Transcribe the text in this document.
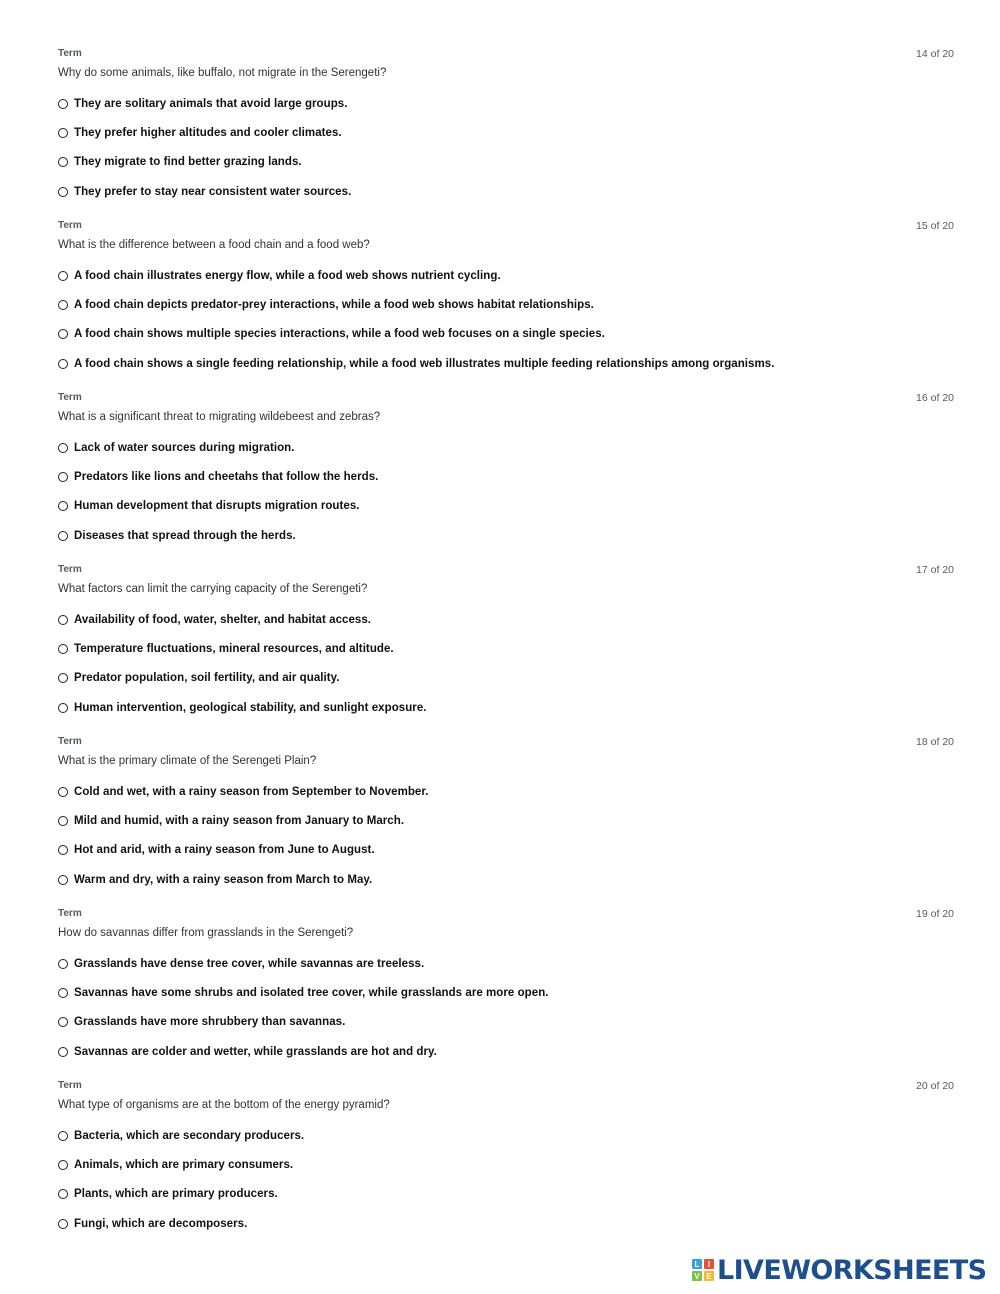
Term	14 of 20
Why do some animals, like buffalo, not migrate in the Serengeti?
They are solitary animals that avoid large groups.
They prefer higher altitudes and cooler climates.
They migrate to find better grazing lands.
They prefer to stay near consistent water sources.
Term	15 of 20
What is the difference between a food chain and a food web?
A food chain illustrates energy flow, while a food web shows nutrient cycling.
A food chain depicts predator-prey interactions, while a food web shows habitat relationships.
A food chain shows multiple species interactions, while a food web focuses on a single species.
A food chain shows a single feeding relationship, while a food web illustrates multiple feeding relationships among organisms.
Term	16 of 20
What is a significant threat to migrating wildebeest and zebras?
Lack of water sources during migration.
Predators like lions and cheetahs that follow the herds.
Human development that disrupts migration routes.
Diseases that spread through the herds.
Term	17 of 20
What factors can limit the carrying capacity of the Serengeti?
Availability of food, water, shelter, and habitat access.
Temperature fluctuations, mineral resources, and altitude.
Predator population, soil fertility, and air quality.
Human intervention, geological stability, and sunlight exposure.
Term	18 of 20
What is the primary climate of the Serengeti Plain?
Cold and wet, with a rainy season from September to November.
Mild and humid, with a rainy season from January to March.
Hot and arid, with a rainy season from June to August.
Warm and dry, with a rainy season from March to May.
Term	19 of 20
How do savannas differ from grasslands in the Serengeti?
Grasslands have dense tree cover, while savannas are treeless.
Savannas have some shrubs and isolated tree cover, while grasslands are more open.
Grasslands have more shrubbery than savannas.
Savannas are colder and wetter, while grasslands are hot and dry.
Term	20 of 20
What type of organisms are at the bottom of the energy pyramid?
Bacteria, which are secondary producers.
Animals, which are primary consumers.
Plants, which are primary producers.
Fungi, which are decomposers.
L	I
V E LIVEWORKSHEETS
